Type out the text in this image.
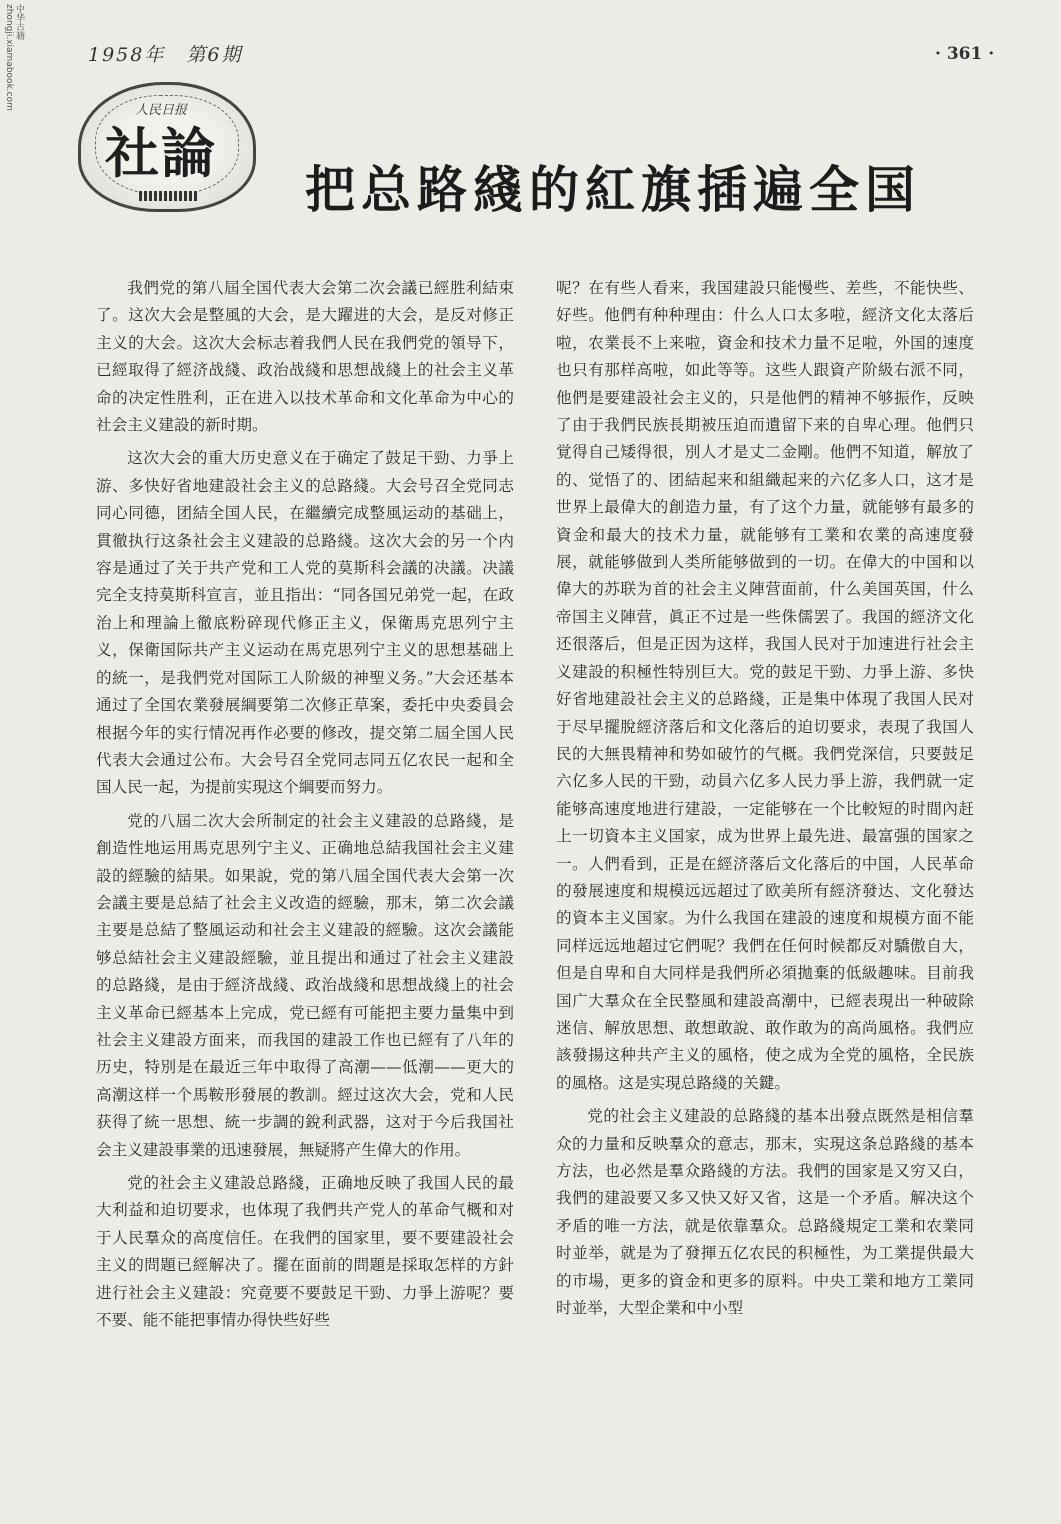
中华古籍 zhongji.xiamabook.com	1958年　第6期	· 361 ·
人民日报
社論
把总路綫的紅旗插遍全国

我們党的第八屆全国代表大会第二次会議已經胜利結束了。这次大会是整風的大会，是大躍进的大会，是反对修正主义的大会。这次大会标志着我們人民在我們党的領导下，已經取得了經济战綫、政治战綫和思想战綫上的社会主义革命的决定性胜利，正在进入以技术革命和文化革命为中心的社会主义建設的新时期。

这次大会的重大历史意义在于确定了鼓足干勁、力爭上游、多快好省地建設社会主义的总路綫。大会号召全党同志同心同德，团結全国人民，在繼續完成整風运动的基础上，貫徹执行这条社会主义建設的总路綫。这次大会的另一个内容是通过了关于共产党和工人党的莫斯科会議的决議。决議完全支持莫斯科宣言，並且指出：“同各国兄弟党一起，在政治上和理論上徹底粉碎现代修正主义，保衛馬克思列宁主义，保衛国际共产主义运动在馬克思列宁主义的思想基础上的統一，是我們党对国际工人阶級的神聖义务。”大会还基本通过了全国农業發展綱要第二次修正草案，委托中央委員会根据今年的实行情况再作必要的修改，提交第二屆全国人民代表大会通过公布。大会号召全党同志同五亿农民一起和全国人民一起，为提前实現这个綱要而努力。

党的八屆二次大会所制定的社会主义建設的总路綫，是創造性地运用馬克思列宁主义、正确地总結我国社会主义建設的經驗的結果。如果說，党的第八屆全国代表大会第一次会議主要是总結了社会主义改造的經驗，那末，第二次会議主要是总結了整風运动和社会主义建設的經驗。这次会議能够总結社会主义建設經驗，並且提出和通过了社会主义建設的总路綫，是由于經济战綫、政治战綫和思想战綫上的社会主义革命已經基本上完成，党已經有可能把主要力量集中到社会主义建設方面来，而我国的建設工作也已經有了八年的历史，特別是在最近三年中取得了高潮——低潮——更大的高潮这样一个馬鞍形發展的教訓。經过这次大会，党和人民获得了統一思想、統一步調的銳利武器，这对于今后我国社会主义建設事業的迅速發展，無疑將产生偉大的作用。

党的社会主义建設总路綫，正确地反映了我国人民的最大利益和迫切要求，也体現了我們共产党人的革命气概和对于人民羣众的高度信任。在我們的国家里，要不要建設社会主义的問題已經解决了。擺在面前的問題是採取怎样的方針进行社会主义建設：究竟要不要鼓足干勁、力爭上游呢？要不要、能不能把事情办得快些好些

呢？在有些人看来，我国建設只能慢些、差些，不能快些、好些。他們有种种理由：什么人口太多啦，經济文化太落后啦，农業長不上来啦，資金和技术力量不足啦，外国的速度也只有那样高啦，如此等等。这些人跟資产阶級右派不同，他們是要建設社会主义的，只是他們的精神不够振作，反映了由于我們民族長期被压迫而遺留下来的自卑心理。他們只覚得自己矮得很，別人才是丈二金剛。他們不知道，解放了的、觉悟了的、团結起来和組織起来的六亿多人口，这才是世界上最偉大的創造力量，有了这个力量，就能够有最多的資金和最大的技术力量，就能够有工業和农業的高速度發展，就能够做到人类所能够做到的一切。在偉大的中国和以偉大的苏联为首的社会主义陣营面前，什么美国英国，什么帝国主义陣营，眞正不过是一些侏儒罢了。我国的經济文化还很落后，但是正因为这样，我国人民对于加速进行社会主义建設的积極性特別巨大。党的鼓足干勁、力爭上游、多快好省地建設社会主义的总路綫，正是集中体現了我国人民对于尽早擺脫經济落后和文化落后的迫切要求，表現了我国人民的大無畏精神和势如破竹的气概。我們党深信，只要鼓足六亿多人民的干勁，动員六亿多人民力爭上游，我們就一定能够高速度地进行建設，一定能够在一个比較短的时間內赶上一切資本主义国家，成为世界上最先进、最富强的国家之一。人們看到，正是在經济落后文化落后的中国，人民革命的發展速度和規模远远超过了欧美所有經济發达、文化發达的資本主义国家。为什么我国在建設的速度和規模方面不能同样远远地超过它們呢？我們在任何时候都反对驕傲自大，但是自卑和自大同样是我們所必須拋棄的低級趣味。目前我国广大羣众在全民整風和建設高潮中，已經表現出一种破除迷信、解放思想、敢想敢說、敢作敢为的高尚風格。我們应該發揚这种共产主义的風格，使之成为全党的風格，全民族的風格。这是实現总路綫的关鍵。

党的社会主义建設的总路綫的基本出發点既然是相信羣众的力量和反映羣众的意志，那末，实現这条总路綫的基本方法，也必然是羣众路綫的方法。我們的国家是又穷又白，我們的建設要又多又快又好又省，这是一个矛盾。解决这个矛盾的唯一方法，就是依靠羣众。总路綫規定工業和农業同时並举，就是为了發揮五亿农民的积極性，为工業提供最大的市場，更多的資金和更多的原料。中央工業和地方工業同时並举，大型企業和中小型
